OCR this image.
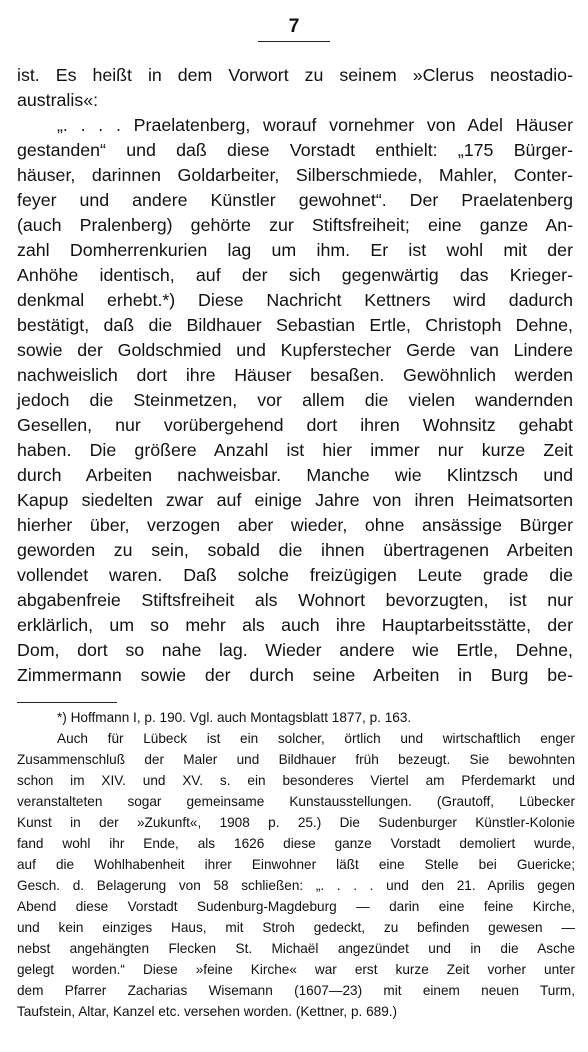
7
ist. Es heißt in dem Vorwort zu seinem »Clerus neostadio-
australis«:
„. . . . Praelatenberg, worauf vornehmer von Adel Häuser
gestanden“ und daß diese Vorstadt enthielt: „175 Bürger-
häuser, darinnen Goldarbeiter, Silberschmiede, Mahler, Conter-
feyer und andere Künstler gewohnet“. Der Praelatenberg
(auch Pralenberg) gehörte zur Stiftsfreiheit; eine ganze An-
zahl Domherrenkurien lag um ihm. Er ist wohl mit der
Anhöhe identisch, auf der sich gegenwärtig das Krieger-
denkmal erhebt.*) Diese Nachricht Kettners wird dadurch
bestätigt, daß die Bildhauer Sebastian Ertle, Christoph Dehne,
sowie der Goldschmied und Kupferstecher Gerde van Lindere
nachweislich dort ihre Häuser besaßen. Gewöhnlich werden
jedoch die Steinmetzen, vor allem die vielen wandernden
Gesellen, nur vorübergehend dort ihren Wohnsitz gehabt
haben. Die größere Anzahl ist hier immer nur kurze Zeit
durch Arbeiten nachweisbar. Manche wie Klintzsch und
Kapup siedelten zwar auf einige Jahre von ihren Heimatsorten
hierher über, verzogen aber wieder, ohne ansässige Bürger
geworden zu sein, sobald die ihnen übertragenen Arbeiten
vollendet waren. Daß solche freizügigen Leute grade die
abgabenfreie Stiftsfreiheit als Wohnort bevorzugten, ist nur
erklärlich, um so mehr als auch ihre Hauptarbeitsstätte, der
Dom, dort so nahe lag. Wieder andere wie Ertle, Dehne,
Zimmermann sowie der durch seine Arbeiten in Burg be-
*) Hoffmann I, p. 190. Vgl. auch Montagsblatt 1877, p. 163.
Auch für Lübeck ist ein solcher, örtlich und wirtschaftlich enger
Zusammenschluß der Maler und Bildhauer früh bezeugt. Sie bewohnten
schon im XIV. und XV. s. ein besonderes Viertel am Pferdemarkt und
veranstalteten sogar gemeinsame Kunstausstellungen. (Grautoff, Lübecker
Kunst in der »Zukunft«, 1908 p. 25.) Die Sudenburger Künstler-Kolonie
fand wohl ihr Ende, als 1626 diese ganze Vorstadt demoliert wurde,
auf die Wohlhabenheit ihrer Einwohner läßt eine Stelle bei Guericke;
Gesch. d. Belagerung von 58 schließen: „. . . . und den 21. Aprilis gegen
Abend diese Vorstadt Sudenburg-Magdeburg — darin eine feine Kirche,
und kein einziges Haus, mit Stroh gedeckt, zu befinden gewesen —
nebst angehängten Flecken St. Michaël angezündet und in die Asche
gelegt worden.“ Diese »feine Kirche« war erst kurze Zeit vorher unter
dem Pfarrer Zacharias Wisemann (1607—23) mit einem neuen Turm,
Taufstein, Altar, Kanzel etc. versehen worden. (Kettner, p. 689.)
